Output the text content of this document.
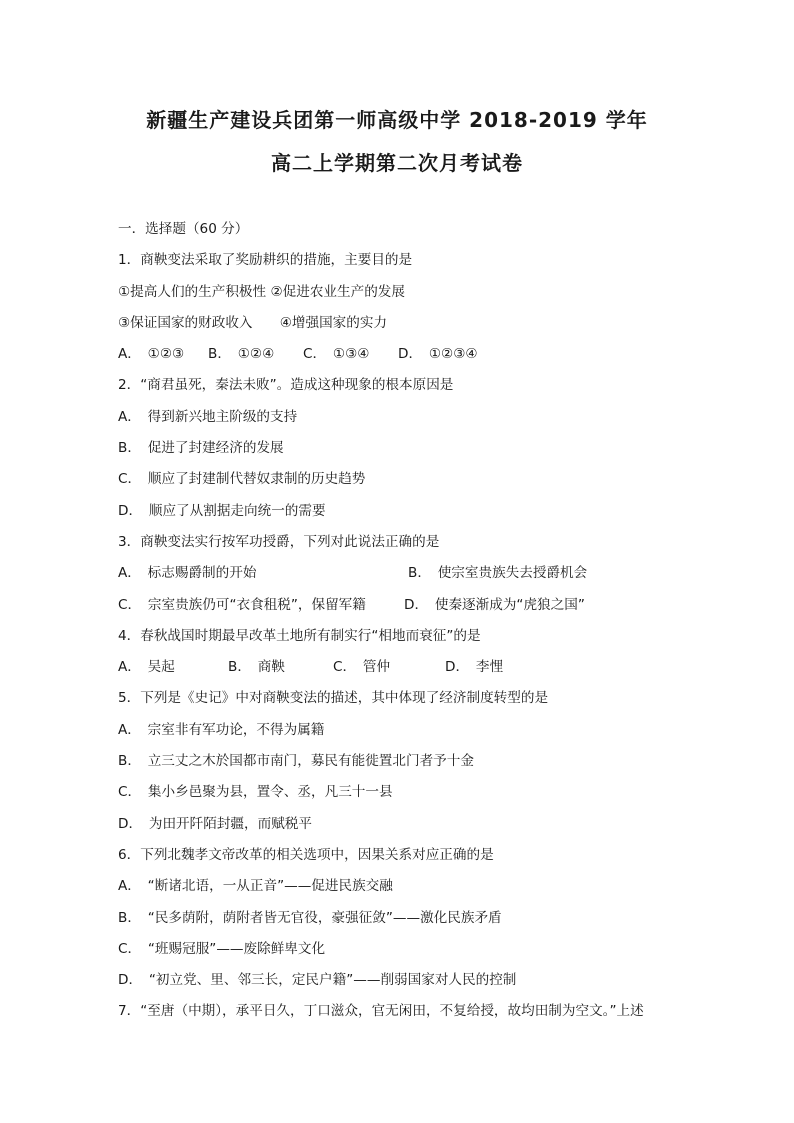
新疆生产建设兵团第一师高级中学 2018-2019 学年
高二上学期第二次月考试卷
一．选择题（60 分）
1．商鞅变法采取了奖励耕织的措施，主要目的是
①提高人们的生产积极性 ②促进农业生产的发展
③保证国家的财政收入　　④增强国家的实力
A．　①②③ B．　①②④ C．　①③④ D．　①②③④
2．“商君虽死，秦法未败”。造成这种现象的根本原因是
A．　得到新兴地主阶级的支持
B．　促进了封建经济的发展
C．　顺应了封建制代替奴隶制的历史趋势
D．　顺应了从割据走向统一的需要
3．商鞅变法实行按军功授爵，下列对此说法正确的是
A．　标志赐爵制的开始	B．　使宗室贵族失去授爵机会
C．　宗室贵族仍可“衣食租税”，保留军籍	D．　使秦逐渐成为“虎狼之国”
4．春秋战国时期最早改革土地所有制实行“相地而衰征”的是
A．　吴起	B．　商鞅	C．　管仲	D．　李悝
5．下列是《史记》中对商鞅变法的描述，其中体现了经济制度转型的是
A．　宗室非有军功论，不得为属籍
B．　立三丈之木於国都市南门，募民有能徙置北门者予十金
C．　集小乡邑聚为县，置令、丞，凡三十一县
D．　为田开阡陌封疆，而赋税平
6．下列北魏孝文帝改革的相关选项中，因果关系对应正确的是
A．　“断诸北语，一从正音”——促进民族交融
B．　“民多荫附，荫附者皆无官役，豪强征敛”——激化民族矛盾
C．　“班赐冠服”——废除鲜卑文化
D．　“初立党、里、邻三长，定民户籍”——削弱国家对人民的控制
7．“至唐（中期），承平日久，丁口滋众，官无闲田，不复给授，故均田制为空文。”上述
